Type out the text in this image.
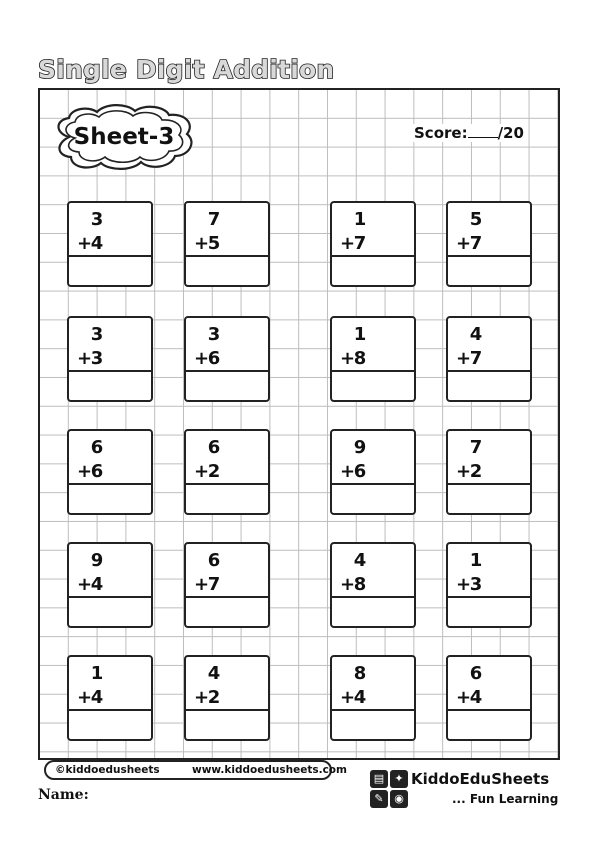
Single Digit Addition
Sheet-3	Score: /20
3
+
4
7
+
5
1
+
7
5
+
7
3
+
3
3
+
6
1
+
8
4
+
7
6
+
6
6
+
2
9
+
6
7
+
2
9
+
4
6
+
7
4
+
8
1
+
3
1
+
4
4
+
2
8
+
4
6
+
4
©kiddoedusheets	www.kiddoedusheets.com
Name:
▤ ✦
✎ ◉
KiddoEduSheets
... Fun Learning
